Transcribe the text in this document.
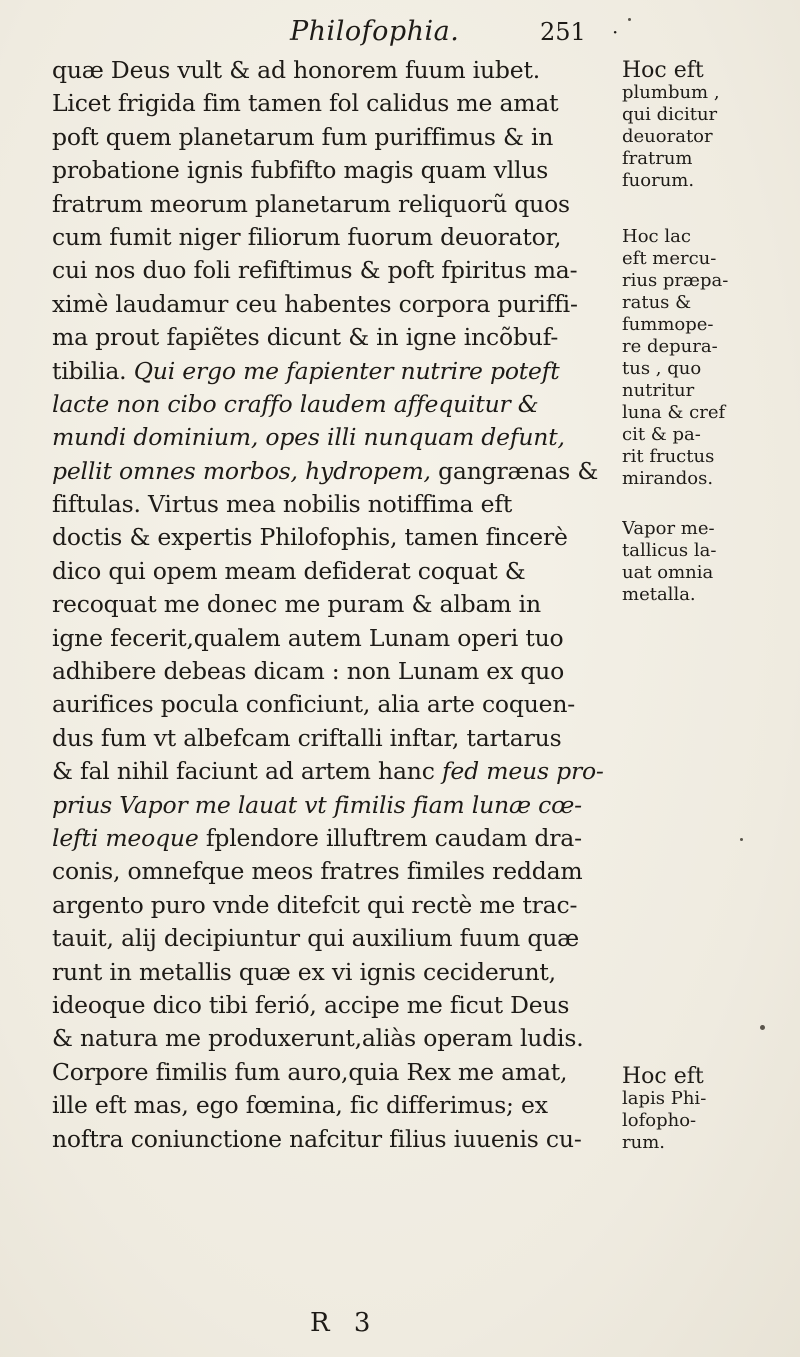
Philofophia.	251 ·
quæ Deus vult & ad honorem fuum iubet.
Licet frigida fim tamen fol calidus me amat
poft quem planetarum fum puriffimus & in
probatione ignis fubfifto magis quam vllus
fratrum meorum planetarum reliquorũ quos
cum fumit niger filiorum fuorum deuorator,
cui nos duo foli refiftimus & poft fpiritus ma-
ximè laudamur ceu habentes corpora puriffi-
ma prout fapiẽtes dicunt & in igne incõbuf-
tibilia. Qui ergo me fapienter nutrire poteft
lacte non cibo craffo laudem affequitur &
mundi dominium, opes illi nunquam defunt,
pellit omnes morbos, hydropem, gangrænas &
fiftulas. Virtus mea nobilis notiffima eft
doctis & expertis Philofophis, tamen fincerè
dico qui opem meam defiderat coquat &
recoquat me donec me puram & albam in
igne fecerit,qualem autem Lunam operi tuo
adhibere debeas dicam : non Lunam ex quo
aurifices pocula conficiunt, alia arte coquen-
dus fum vt albefcam criftalli inftar, tartarus
& fal nihil faciunt ad artem hanc fed meus pro-
prius Vapor me lauat vt fimilis fiam lunæ cœ-
lefti meoque fplendore illuftrem caudam dra-
conis, omnefque meos fratres fimiles reddam
argento puro vnde ditefcit qui rectè me trac-
tauit, alij decipiuntur qui auxilium fuum quæ
runt in metallis quæ ex vi ignis ceciderunt,
ideoque dico tibi ferió, accipe me ficut Deus
& natura me produxerunt,aliàs operam ludis.
Corpore fimilis fum auro,quia Rex me amat,
ille eft mas, ego fœmina, fic differimus; ex
noftra coniunctione nafcitur filius iuuenis cu-
Hoc eft
plumbum ,
qui dicitur
deuorator
fratrum
fuorum.
Hoc lac
eft mercu-
rius præpa-
ratus &
fummope-
re depura-
tus , quo
nutritur
luna & cref
cit & pa-
rit fructus
mirandos.
Vapor me-
tallicus la-
uat omnia
metalla.
Hoc eft
lapis Phi-
lofopho-
rum.
R 3
